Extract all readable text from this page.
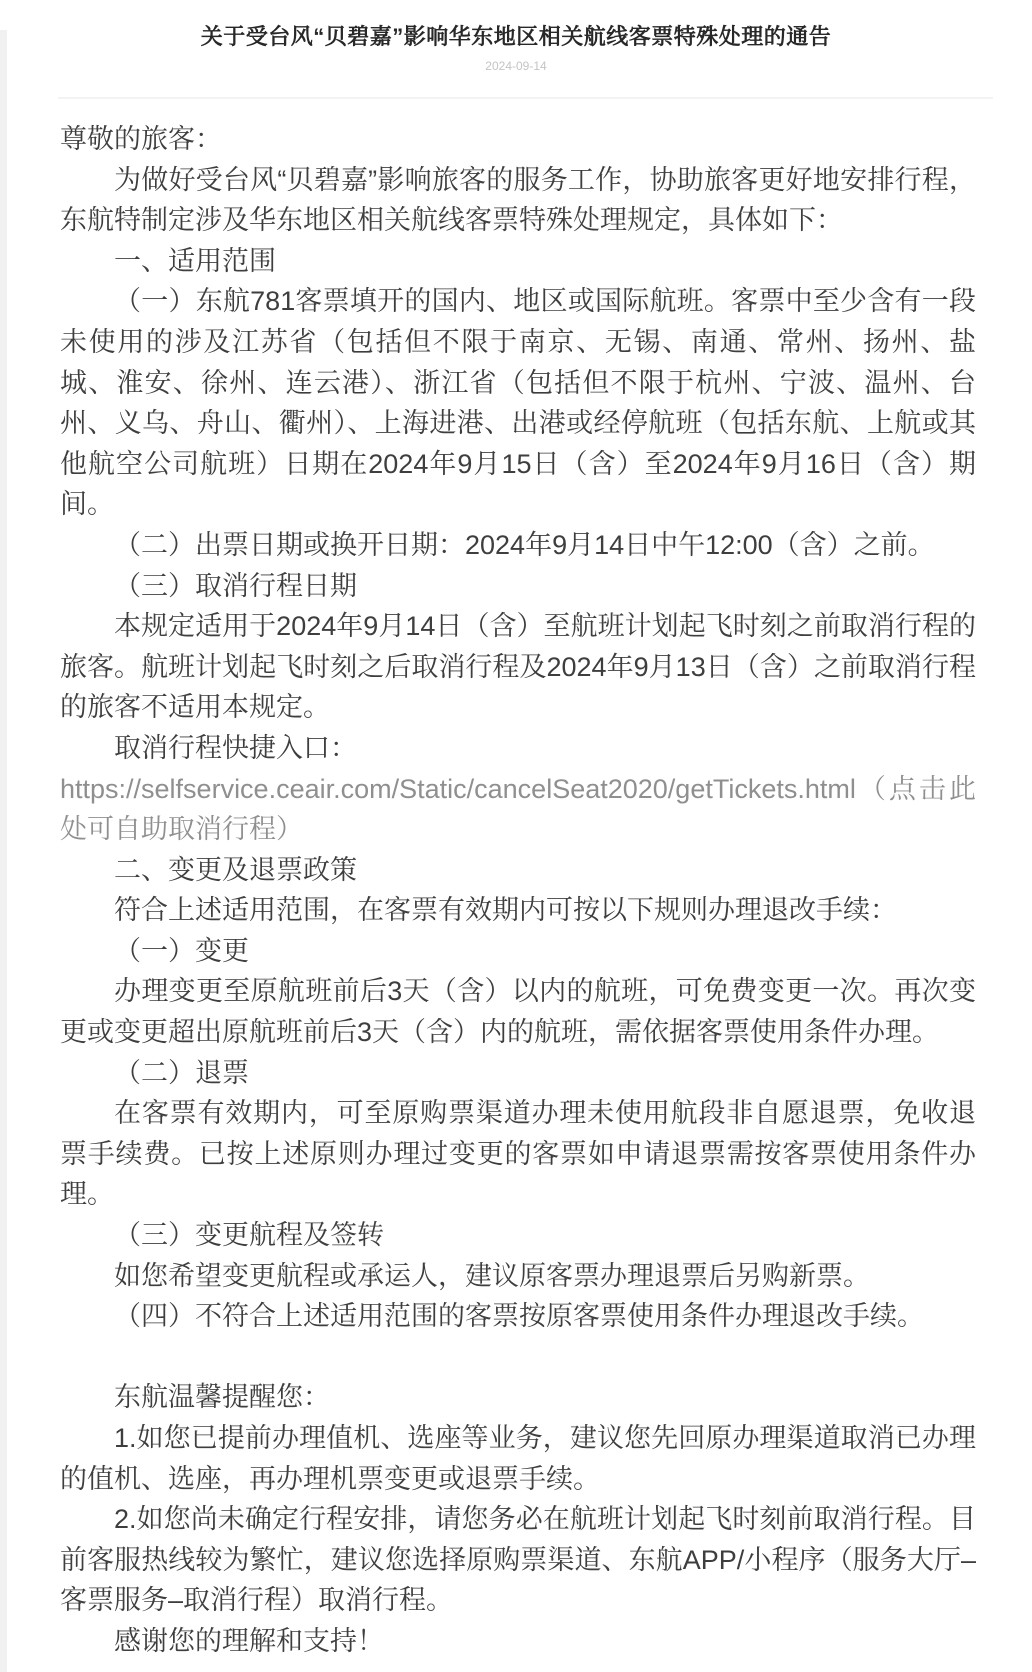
关于受台风“贝碧嘉”影响华东地区相关航线客票特殊处理的通告
2024-09-14

尊敬的旅客：

为做好受台风“贝碧嘉”影响旅客的服务工作，协助旅客更好地安排行程，东航特制定涉及华东地区相关航线客票特殊处理规定，具体如下：

一、适用范围

（一）东航781客票填开的国内、地区或国际航班。客票中至少含有一段未使用的涉及江苏省（包括但不限于南京、无锡、南通、常州、扬州、盐城、淮安、徐州、连云港）、浙江省（包括但不限于杭州、宁波、温州、台州、义乌、舟山、衢州）、上海进港、出港或经停航班（包括东航、上航或其他航空公司航班）日期在2024年9月15日（含）至2024年9月16日（含）期间。

（二）出票日期或换开日期：2024年9月14日中午12:00（含）之前。

（三）取消行程日期

本规定适用于2024年9月14日（含）至航班计划起飞时刻之前取消行程的旅客。航班计划起飞时刻之后取消行程及2024年9月13日（含）之前取消行程的旅客不适用本规定。

取消行程快捷入口：

https://selfservice.ceair.com/Static/cancelSeat2020/getTickets.html（点击此处可自助取消行程）

二、变更及退票政策

符合上述适用范围，在客票有效期内可按以下规则办理退改手续：

（一）变更

办理变更至原航班前后3天（含）以内的航班，可免费变更一次。再次变更或变更超出原航班前后3天（含）内的航班，需依据客票使用条件办理。

（二）退票

在客票有效期内，可至原购票渠道办理未使用航段非自愿退票，免收退票手续费。已按上述原则办理过变更的客票如申请退票需按客票使用条件办理。

（三）变更航程及签转

如您希望变更航程或承运人，建议原客票办理退票后另购新票。

（四）不符合上述适用范围的客票按原客票使用条件办理退改手续。

东航温馨提醒您：

1.如您已提前办理值机、选座等业务，建议您先回原办理渠道取消已办理的值机、选座，再办理机票变更或退票手续。

2.如您尚未确定行程安排，请您务必在航班计划起飞时刻前取消行程。目前客服热线较为繁忙，建议您选择原购票渠道、东航APP/小程序（服务大厅–客票服务–取消行程）取消行程。

感谢您的理解和支持！
